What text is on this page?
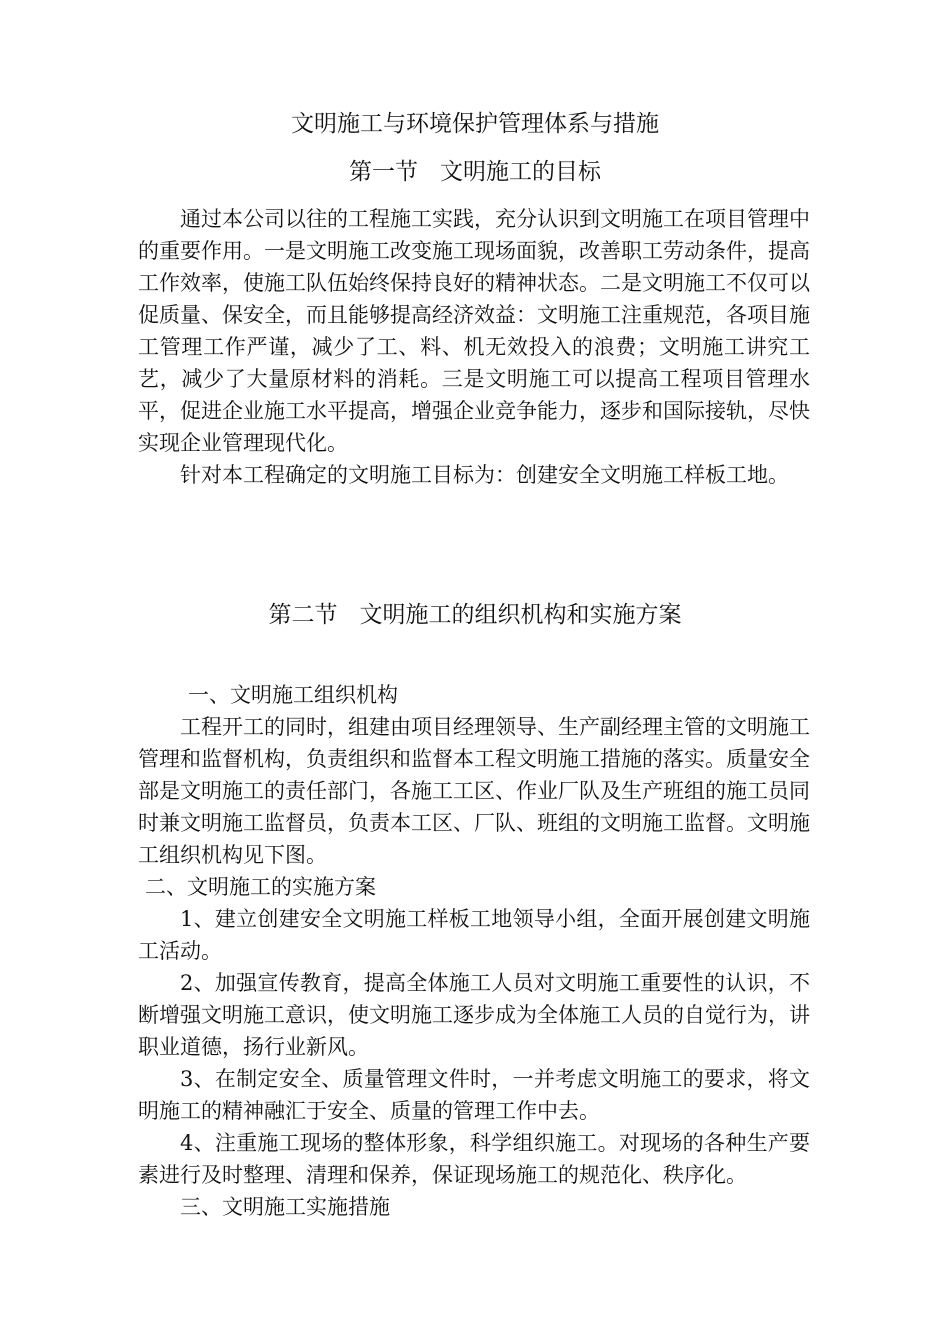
文明施工与环境保护管理体系与措施
第一节 文明施工的目标

通过本公司以往的工程施工实践，充分认识到文明施工在项目管理中的重要作用。一是文明施工改变施工现场面貌，改善职工劳动条件，提高工作效率，使施工队伍始终保持良好的精神状态。二是文明施工不仅可以促质量、保安全，而且能够提高经济效益：文明施工注重规范，各项目施工管理工作严谨，减少了工、料、机无效投入的浪费；文明施工讲究工艺，减少了大量原材料的消耗。三是文明施工可以提高工程项目管理水平，促进企业施工水平提高，增强企业竞争能力，逐步和国际接轨，尽快实现企业管理现代化。

针对本工程确定的文明施工目标为：创建安全文明施工样板工地。

第二节 文明施工的组织机构和实施方案
一、文明施工组织机构

工程开工的同时，组建由项目经理领导、生产副经理主管的文明施工管理和监督机构，负责组织和监督本工程文明施工措施的落实。质量安全部是文明施工的责任部门，各施工工区、作业厂队及生产班组的施工员同时兼文明施工监督员，负责本工区、厂队、班组的文明施工监督。文明施工组织机构见下图。

二、文明施工的实施方案

1、建立创建安全文明施工样板工地领导小组，全面开展创建文明施工活动。

2、加强宣传教育，提高全体施工人员对文明施工重要性的认识，不断增强文明施工意识，使文明施工逐步成为全体施工人员的自觉行为，讲职业道德，扬行业新风。

3、在制定安全、质量管理文件时，一并考虑文明施工的要求，将文明施工的精神融汇于安全、质量的管理工作中去。

4、注重施工现场的整体形象，科学组织施工。对现场的各种生产要素进行及时整理、清理和保养，保证现场施工的规范化、秩序化。

三、文明施工实施措施
